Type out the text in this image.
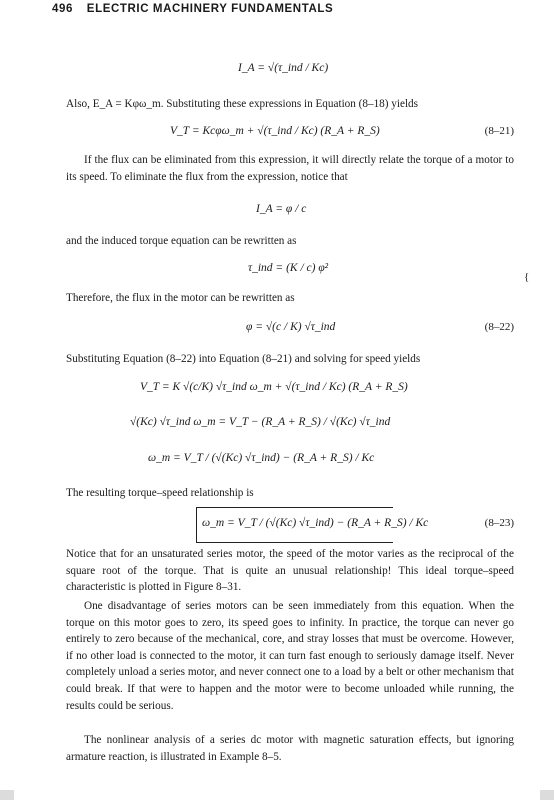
496 ELECTRIC MACHINERY FUNDAMENTALS
I_A = √(τ_ind / Kc)
Also, E_A = Kφω_m. Substituting these expressions in Equation (8–18) yields
V_T = Kcφω_m + √(τ_ind / Kc) (R_A + R_S)	(8–21)
If the flux can be eliminated from this expression, it will directly relate the torque of a motor to its speed. To eliminate the flux from the expression, notice that
I_A = φ / c
and the induced torque equation can be rewritten as
τ_ind = (K / c) φ²
{
Therefore, the flux in the motor can be rewritten as
φ = √(c / K) √τ_ind	(8–22)
Substituting Equation (8–22) into Equation (8–21) and solving for speed yields
V_T = K √(c/K) √τ_ind ω_m + √(τ_ind / Kc) (R_A + R_S)
√(Kc) √τ_ind ω_m = V_T − (R_A + R_S) / √(Kc) √τ_ind
ω_m = V_T / (√(Kc) √τ_ind) − (R_A + R_S) / Kc
The resulting torque–speed relationship is
ω_m = V_T / (√(Kc) √τ_ind) − (R_A + R_S) / Kc	(8–23)
Notice that for an unsaturated series motor, the speed of the motor varies as the reciprocal of the square root of the torque. That is quite an unusual relationship! This ideal torque–speed characteristic is plotted in Figure 8–31.
One disadvantage of series motors can be seen immediately from this equation. When the torque on this motor goes to zero, its speed goes to infinity. In practice, the torque can never go entirely to zero because of the mechanical, core, and stray losses that must be overcome. However, if no other load is connected to the motor, it can turn fast enough to seriously damage itself. Never completely unload a series motor, and never connect one to a load by a belt or other mechanism that could break. If that were to happen and the motor were to become unloaded while running, the results could be serious.
The nonlinear analysis of a series dc motor with magnetic saturation effects, but ignoring armature reaction, is illustrated in Example 8–5.
